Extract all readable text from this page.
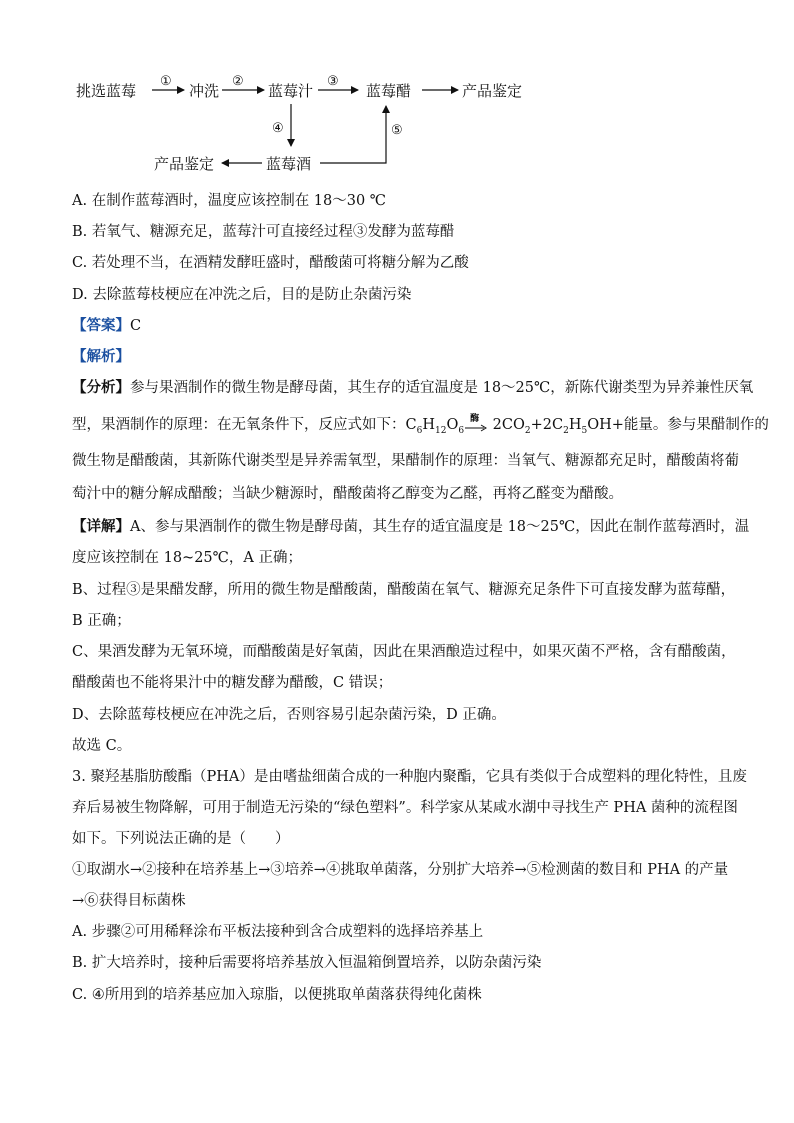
挑选蓝莓
①
冲洗
②
蓝莓汁
③
蓝莓醋	产品鉴定
④
蓝莓酒
产品鉴定
⑤
A. 在制作蓝莓酒时，温度应该控制在 18～30 ℃
B. 若氧气、糖源充足，蓝莓汁可直接经过程③发酵为蓝莓醋
C. 若处理不当，在酒精发酵旺盛时，醋酸菌可将糖分解为乙酸
D. 去除蓝莓枝梗应在冲洗之后，目的是防止杂菌污染
【答案】C
【解析】
【分析】参与果酒制作的微生物是酵母菌，其生存的适宜温度是 18～25℃，新陈代谢类型为异养兼性厌氧
型，果酒制作的原理：在无氧条件下，反应式如下：$C_6H_{12}O_6$
酶 $2CO_2+2C_2H_5OH+$能量。参与果醋制作的
微生物是醋酸菌，其新陈代谢类型是异养需氧型，果醋制作的原理：当氧气、糖源都充足时，醋酸菌将葡
萄汁中的糖分解成醋酸；当缺少糖源时，醋酸菌将乙醇变为乙醛，再将乙醛变为醋酸。
【详解】A、参与果酒制作的微生物是酵母菌，其生存的适宜温度是 18～25℃，因此在制作蓝莓酒时，温
度应该控制在 18~25℃，A 正确；
B、过程③是果醋发酵，所用的微生物是醋酸菌，醋酸菌在氧气、糖源充足条件下可直接发酵为蓝莓醋，
B 正确；
C、果酒发酵为无氧环境，而醋酸菌是好氧菌，因此在果酒酿造过程中，如果灭菌不严格，含有醋酸菌，
醋酸菌也不能将果汁中的糖发酵为醋酸，C 错误；
D、去除蓝莓枝梗应在冲洗之后，否则容易引起杂菌污染，D 正确。
故选 C。
3. 聚羟基脂肪酸酯（PHA）是由嗜盐细菌合成的一种胞内聚酯，它具有类似于合成塑料的理化特性，且废
弃后易被生物降解，可用于制造无污染的“绿色塑料”。科学家从某咸水湖中寻找生产 PHA 菌种的流程图
如下。下列说法正确的是（　　）
①取湖水→②接种在培养基上→③培养→④挑取单菌落，分别扩大培养→⑤检测菌的数目和 PHA 的产量
→⑥获得目标菌株
A. 步骤②可用稀释涂布平板法接种到含合成塑料的选择培养基上
B. 扩大培养时，接种后需要将培养基放入恒温箱倒置培养，以防杂菌污染
C. ④所用到的培养基应加入琼脂，以便挑取单菌落获得纯化菌株
